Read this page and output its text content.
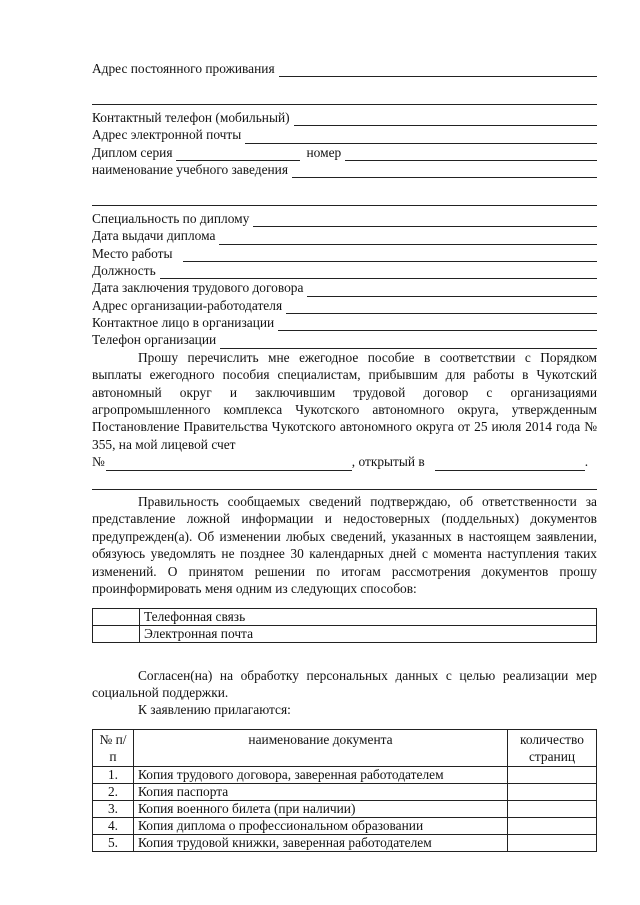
Адрес постоянного проживания
Контактный телефон (мобильный)
Адрес электронной почты
Диплом серия	номер
наименование учебного заведения
Специальность по диплому
Дата выдачи диплома
Место работы
Должность
Дата заключения трудового договора
Адрес организации-работодателя
Контактное лицо в организации
Телефон организации

Прошу перечислить мне ежегодное пособие в соответствии с Порядком выплаты ежегодного пособия специалистам, прибывшим для работы в Чукотский автономный округ и заключившим трудовой договор с организациями агропромышленного комплекса Чукотского автономного округа, утвержденным Постановление Правительства Чукотского автономного округа от 25 июля 2014 года № 355, на мой лицевой счет

№	, открытый в	.

Правильность сообщаемых сведений подтверждаю, об ответственности за представление ложной информации и недостоверных (поддельных) документов предупрежден(а). Об изменении любых сведений, указанных в настоящем заявлении, обязуюсь уведомлять не позднее 30 календарных дней с момента наступления таких изменений. О принятом решении по итогам рассмотрения документов прошу проинформировать меня одним из следующих способов:

	Телефонная связь
	Электронная почта

Согласен(на) на обработку персональных данных с целью реализации мер социальной поддержки.

К заявлению прилагаются:

№ п/п	наименование документа	количество страниц
1.	Копия трудового договора, заверенная работодателем	
2.	Копия паспорта	
3.	Копия военного билета (при наличии)	
4.	Копия диплома о профессиональном образовании	
5.	Копия трудовой книжки, заверенная работодателем	
